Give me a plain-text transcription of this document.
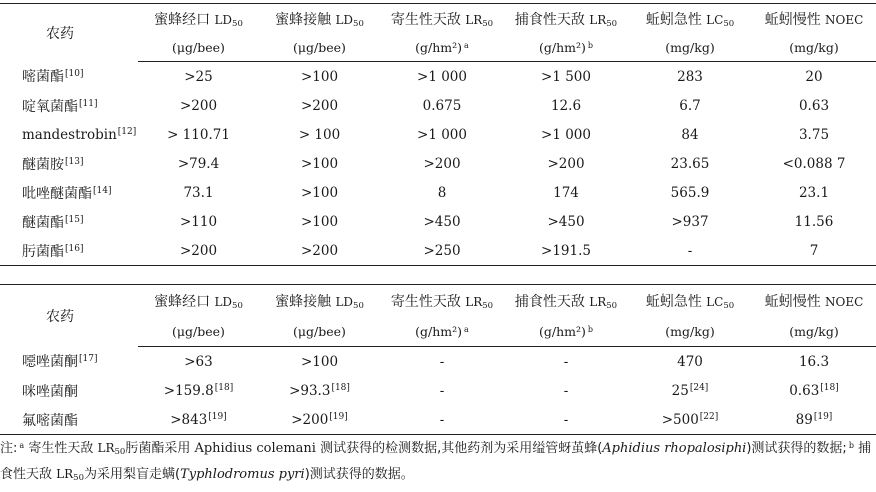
农药	蜜蜂经口 $LD_{50}$	蜜蜂接触 $LD_{50}$	寄生性天敌 $LR_{50}$	捕食性天敌 $LR_{50}$	蚯蚓急性 $LC_{50}$	蚯蚓慢性 NOEC
	(μg/bee)	(μg/bee)	(g/hm²) $^a$	(g/hm²) $^b$	(mg/kg)	(mg/kg)
嘧菌酯[10]	>25	>100	>1 000	>1 500	283	20
啶氧菌酯[11]	>200	>200	0.675	12.6	6.7	0.63
mandestrobin[12]	> 110.71	> 100	>1 000	>1 000	84	3.75
醚菌胺[13]	>79.4	>100	>200	>200	23.65	<0.088 7
吡唑醚菌酯[14]	73.1	>100	8	174	565.9	23.1
醚菌酯[15]	>110	>100	>450	>450	>937	11.56
肟菌酯[16]	>200	>200	>250	>191.5	-	7
农药	蜜蜂经口 $LD_{50}$	蜜蜂接触 $LD_{50}$	寄生性天敌 $LR_{50}$	捕食性天敌 $LR_{50}$	蚯蚓急性 $LC_{50}$	蚯蚓慢性 NOEC
	(μg/bee)	(μg/bee)	(g/hm²) $^a$	(g/hm²) $^b$	(mg/kg)	(mg/kg)
噁唑菌酮[17]	>63	>100	-	-	470	16.3
咪唑菌酮	>159.8[18]	>93.3[18]	-	-	25[24]	0.63[18]
氟嘧菌酯	>843[19]	>200[19]	-	-	>500[22]	89[19]
注: $^a$ 寄生性天敌 $LR_{50}$肟菌酯采用 Aphidius colemani 测试获得的检测数据,其他药剂为采用缢管蚜茧蜂(Aphidius rhopalosiphi)测试获得的数据; $^b$ 捕食性天敌 $LR_{50}$为采用梨盲走螨(Typhlodromus pyri)测试获得的数据。
